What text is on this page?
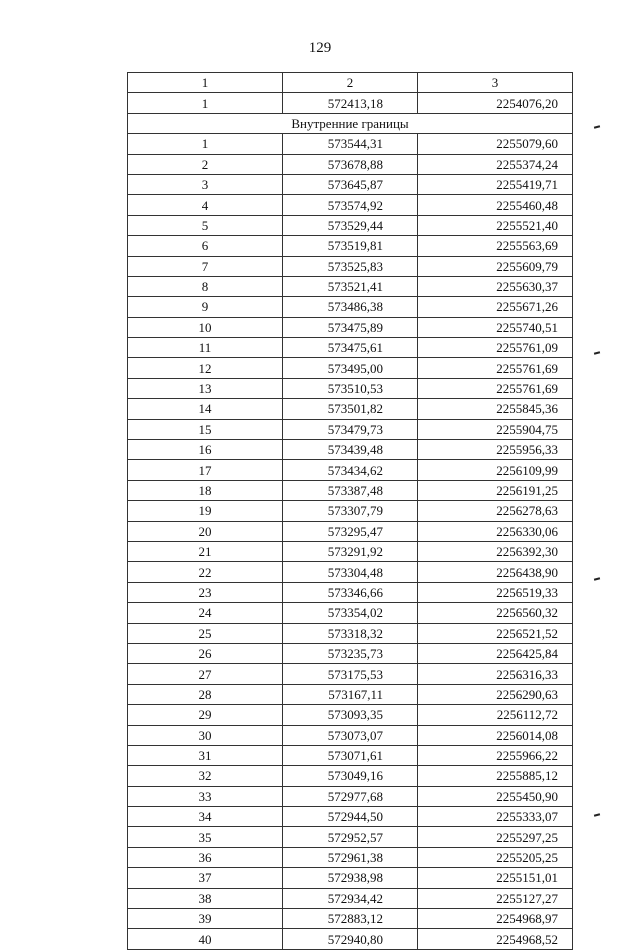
129
1	2	3
1	572413,18	2254076,20
Внутренние границы		
1	573544,31	2255079,60
2	573678,88	2255374,24
3	573645,87	2255419,71
4	573574,92	2255460,48
5	573529,44	2255521,40
6	573519,81	2255563,69
7	573525,83	2255609,79
8	573521,41	2255630,37
9	573486,38	2255671,26
10	573475,89	2255740,51
11	573475,61	2255761,09
12	573495,00	2255761,69
13	573510,53	2255761,69
14	573501,82	2255845,36
15	573479,73	2255904,75
16	573439,48	2255956,33
17	573434,62	2256109,99
18	573387,48	2256191,25
19	573307,79	2256278,63
20	573295,47	2256330,06
21	573291,92	2256392,30
22	573304,48	2256438,90
23	573346,66	2256519,33
24	573354,02	2256560,32
25	573318,32	2256521,52
26	573235,73	2256425,84
27	573175,53	2256316,33
28	573167,11	2256290,63
29	573093,35	2256112,72
30	573073,07	2256014,08
31	573071,61	2255966,22
32	573049,16	2255885,12
33	572977,68	2255450,90
34	572944,50	2255333,07
35	572952,57	2255297,25
36	572961,38	2255205,25
37	572938,98	2255151,01
38	572934,42	2255127,27
39	572883,12	2254968,97
40	572940,80	2254968,52
